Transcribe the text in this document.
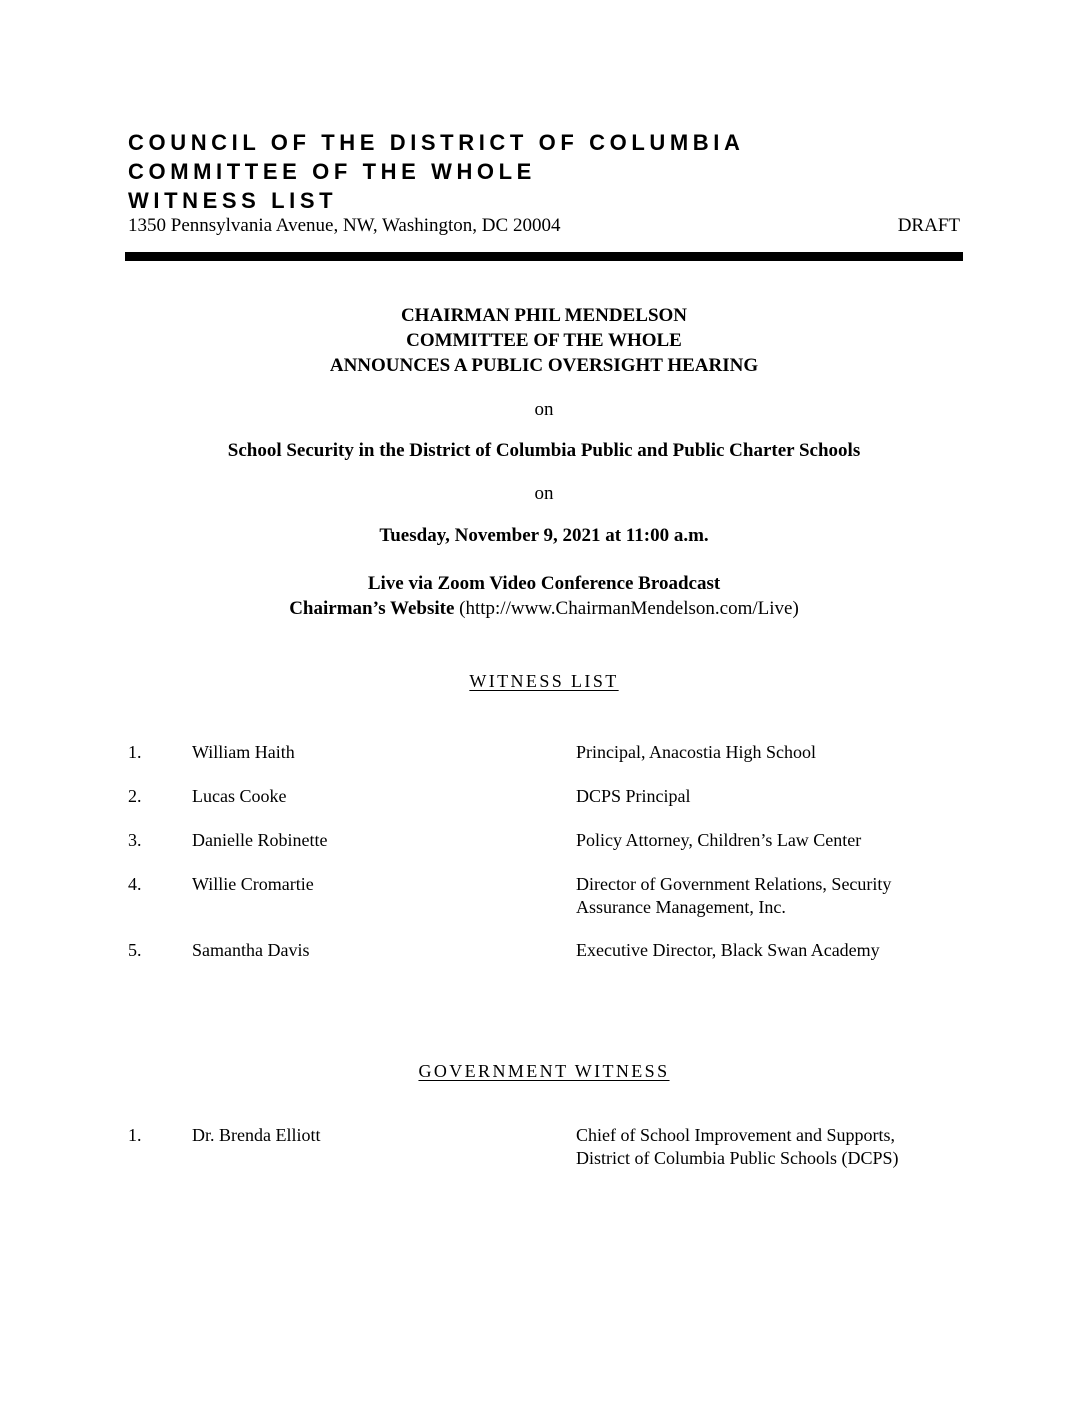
COUNCIL OF THE DISTRICT OF COLUMBIA
COMMITTEE OF THE WHOLE
WITNESS LIST
1350 Pennsylvania Avenue, NW, Washington, DC 20004	DRAFT
CHAIRMAN PHIL MENDELSON
COMMITTEE OF THE WHOLE
ANNOUNCES A PUBLIC OVERSIGHT HEARING
on
School Security in the District of Columbia Public and Public Charter Schools
on
Tuesday, November 9, 2021 at 11:00 a.m.
Live via Zoom Video Conference Broadcast
Chairman’s Website (http://www.ChairmanMendelson.com/Live)
WITNESS LIST
1.	William Haith	Principal, Anacostia High School
2.	Lucas Cooke	DCPS Principal
3.	Danielle Robinette	Policy Attorney, Children’s Law Center
4.	Willie Cromartie	Director of Government Relations, Security
Assurance Management, Inc.
5.	Samantha Davis	Executive Director, Black Swan Academy
GOVERNMENT WITNESS
1.	Dr. Brenda Elliott	Chief of School Improvement and Supports,
District of Columbia Public Schools (DCPS)
